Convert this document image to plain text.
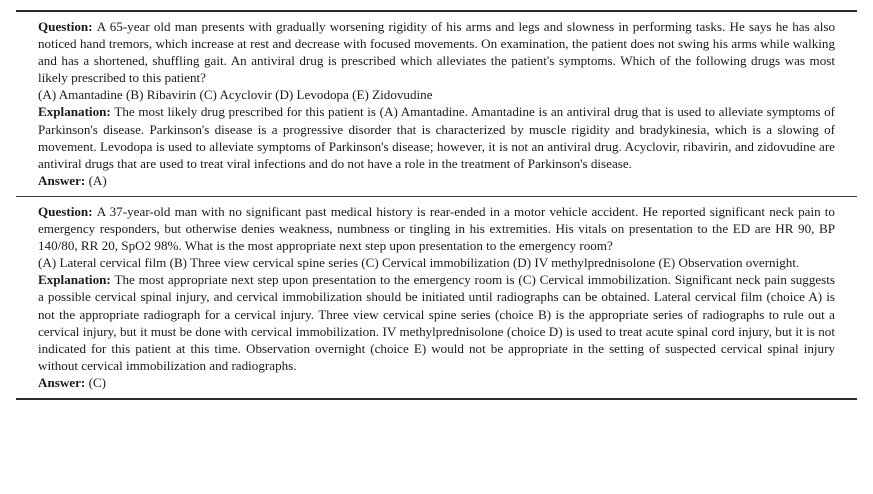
Question: A 65-year old man presents with gradually worsening rigidity of his arms and legs and slowness in performing tasks. He says he has also noticed hand tremors, which increase at rest and decrease with focused movements. On examination, the patient does not swing his arms while walking and has a shortened, shuffling gait. An antiviral drug is prescribed which alleviates the patient's symptoms. Which of the following drugs was most likely prescribed to this patient?

(A) Amantadine (B) Ribavirin (C) Acyclovir (D) Levodopa (E) Zidovudine

Explanation: The most likely drug prescribed for this patient is (A) Amantadine. Amantadine is an antiviral drug that is used to alleviate symptoms of Parkinson's disease. Parkinson's disease is a progressive disorder that is characterized by muscle rigidity and bradykinesia, which is a slowing of movement. Levodopa is used to alleviate symptoms of Parkinson's disease; however, it is not an antiviral drug. Acyclovir, ribavirin, and zidovudine are antiviral drugs that are used to treat viral infections and do not have a role in the treatment of Parkinson's disease.

Answer: (A)

Question: A 37-year-old man with no significant past medical history is rear-ended in a motor vehicle accident. He reported significant neck pain to emergency responders, but otherwise denies weakness, numbness or tingling in his extremities. His vitals on presentation to the ED are HR 90, BP 140/80, RR 20, SpO2 98%. What is the most appropriate next step upon presentation to the emergency room?

(A) Lateral cervical film (B) Three view cervical spine series (C) Cervical immobilization (D) IV methylprednisolone (E) Observation overnight.

Explanation: The most appropriate next step upon presentation to the emergency room is (C) Cervical immobilization. Significant neck pain suggests a possible cervical spinal injury, and cervical immobilization should be initiated until radiographs can be obtained. Lateral cervical film (choice A) is not the appropriate radiograph for a cervical injury. Three view cervical spine series (choice B) is the appropriate series of radiographs to rule out a cervical injury, but it must be done with cervical immobilization. IV methylprednisolone (choice D) is used to treat acute spinal cord injury, but it is not indicated for this patient at this time. Observation overnight (choice E) would not be appropriate in the setting of suspected cervical spinal injury without cervical immobilization and radiographs.

Answer: (C)
